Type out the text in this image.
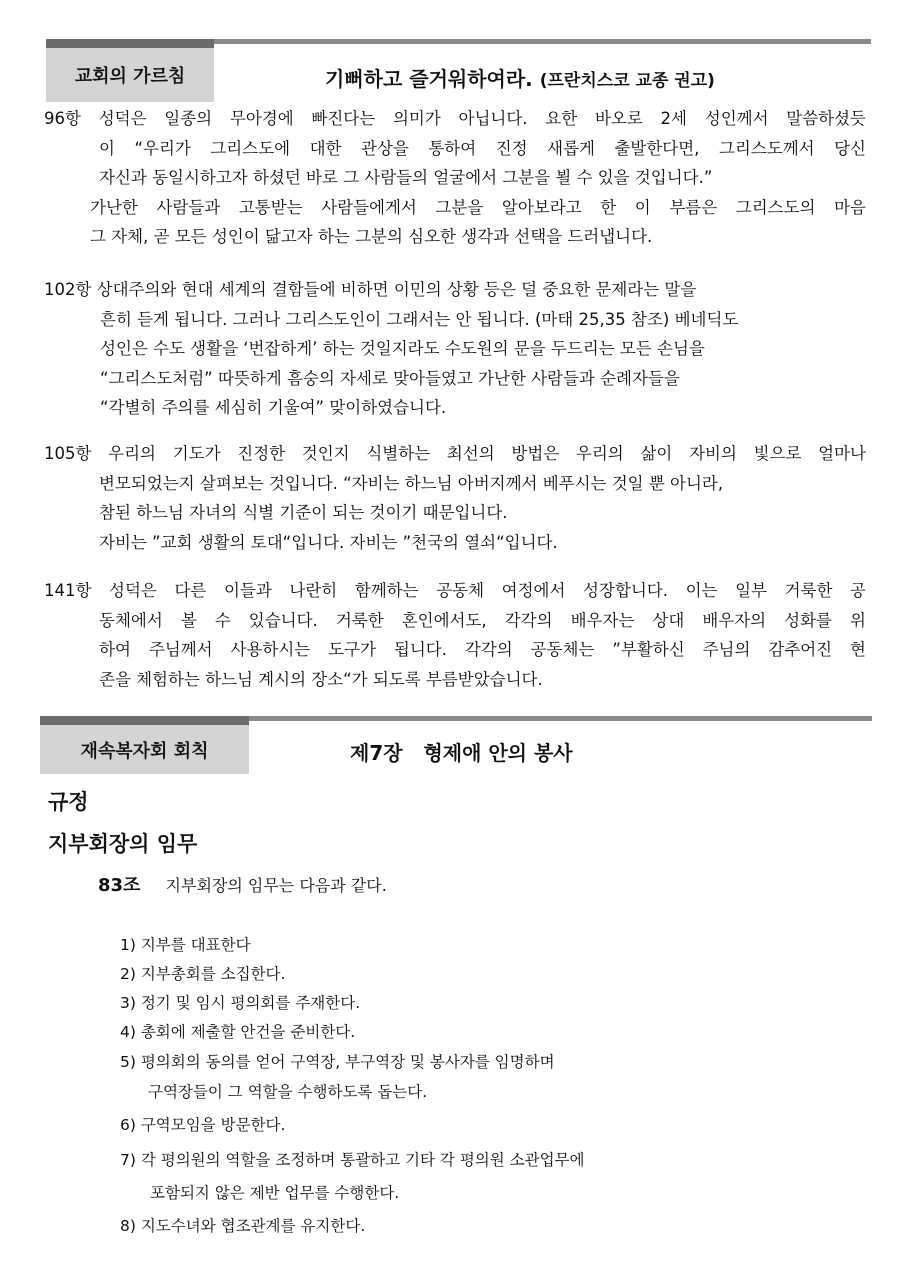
교회의 가르침	기뻐하고 즐거워하여라. (프란치스코 교종 권고)
96항 성덕은 일종의 무아경에 빠진다는 의미가 아닙니다. 요한 바오로 2세 성인께서 말씀하셨듯
이 “우리가 그리스도에 대한 관상을 통하여 진정 새롭게 출발한다면, 그리스도께서 당신
자신과 동일시하고자 하셨던 바로 그 사람들의 얼굴에서 그분을 뵐 수 있을 것입니다.”
가난한 사람들과 고통받는 사람들에게서 그분을 알아보라고 한 이 부름은 그리스도의 마음
그 자체, 곧 모든 성인이 닮고자 하는 그분의 심오한 생각과 선택을 드러냅니다.
102항 상대주의와 현대 세계의 결함들에 비하면 이민의 상황 등은 덜 중요한 문제라는 말을
흔히 듣게 됩니다. 그러나 그리스도인이 그래서는 안 됩니다. (마태 25,35 참조) 베네딕도
성인은 수도 생활을 ‘번잡하게’ 하는 것일지라도 수도원의 문을 두드리는 모든 손님을
“그리스도처럼” 따뜻하게 흠숭의 자세로 맞아들였고 가난한 사람들과 순례자들을
“각별히 주의를 세심히 기울여” 맞이하였습니다.
105항 우리의 기도가 진정한 것인지 식별하는 최선의 방법은 우리의 삶이 자비의 빛으로 얼마나
변모되었는지 살펴보는 것입니다. “자비는 하느님 아버지께서 베푸시는 것일 뿐 아니라,
참된 하느님 자녀의 식별 기준이 되는 것이기 때문입니다.
자비는 ”교회 생활의 토대“입니다. 자비는 ”천국의 열쇠“입니다.
141항 성덕은 다른 이들과 나란히 함께하는 공동체 여정에서 성장합니다. 이는 일부 거룩한 공
동체에서 볼 수 있습니다. 거룩한 혼인에서도, 각각의 배우자는 상대 배우자의 성화를 위
하여 주님께서 사용하시는 도구가 됩니다. 각각의 공동체는 ”부활하신 주님의 감추어진 현
존을 체험하는 하느님 계시의 장소“가 되도록 부름받았습니다.
재속복자회 회칙	제7장   형제애 안의 봉사
규정
지부회장의 임무
83조 지부회장의 임무는 다음과 같다.
1) 지부를 대표한다
2) 지부총회를 소집한다.
3) 정기 및 임시 평의회를 주재한다.
4) 총회에 제출할 안건을 준비한다.
5) 평의회의 동의를 얻어 구역장, 부구역장 및 봉사자를 임명하며
구역장들이 그 역할을 수행하도록 돕는다.
6) 구역모임을 방문한다.
7) 각 평의원의 역할을 조정하며 통괄하고 기타 각 평의원 소관업무에
포함되지 않은 제반 업무를 수행한다.
8) 지도수녀와 협조관계를 유지한다.
